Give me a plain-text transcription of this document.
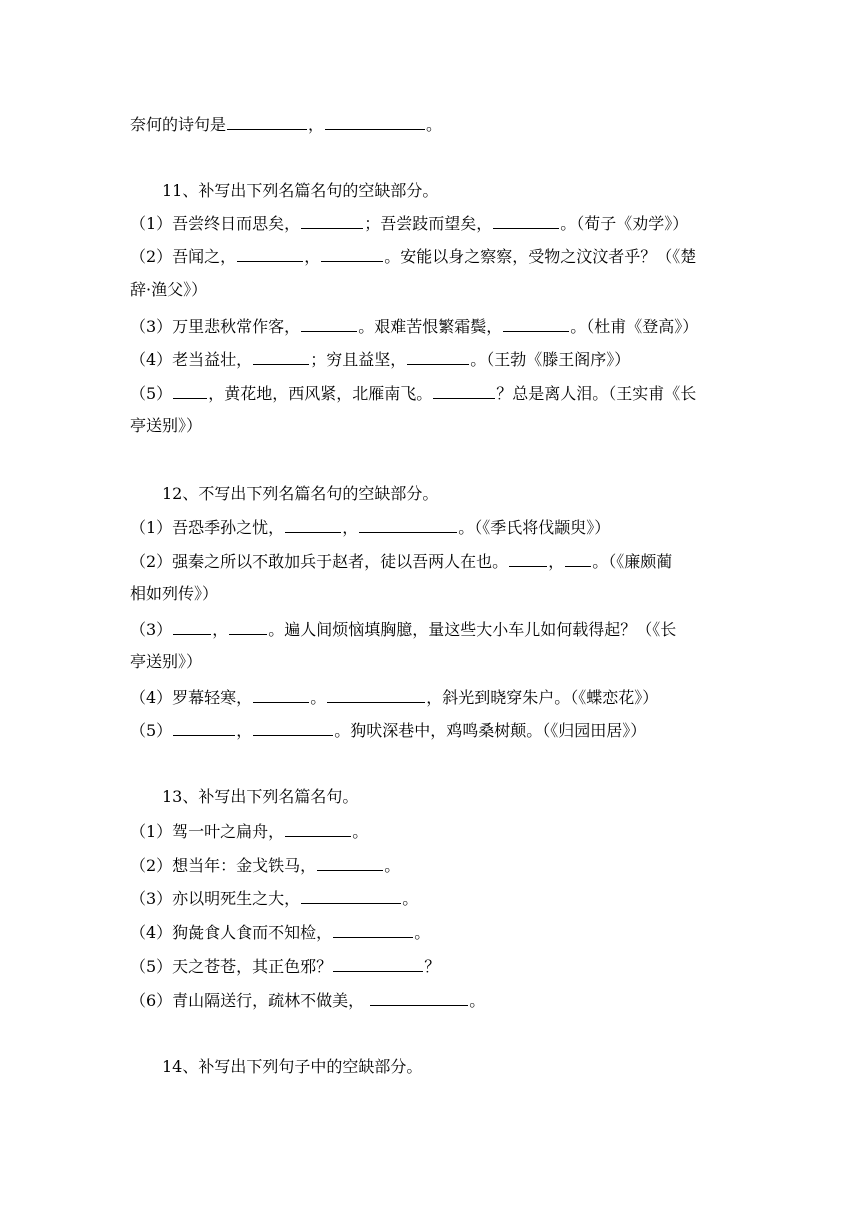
奈何的诗句是	，	。
11、补写出下列名篇名句的空缺部分。
（1）吾尝终日而思矣，	；吾尝跂而望矣，	。（荀子《劝学》）
（2）吾闻之，	，	。安能以身之察察，受物之汶汶者乎？（《楚
辞·渔父》）
（3）万里悲秋常作客，	。艰难苦恨繁霜鬓，	。（杜甫《登高》）
（4）老当益壮，	；穷且益坚，	。（王勃《滕王阁序》）
（5） ，黄花地，西风紧，北雁南飞。	？总是离人泪。（王实甫《长
亭送别》）
12、不写出下列名篇名句的空缺部分。
（1）吾恐季孙之忧，	，	。（《季氏将伐颛臾》）
（2）强秦之所以不敢加兵于赵者，徒以吾两人在也。	， 。（《廉颇蔺
相如列传》）
（3）	，	。遍人间烦恼填胸臆，量这些大小车儿如何载得起？（《长
亭送别》）
（4）罗幕轻寒，	。	，斜光到晓穿朱户。（《蝶恋花》）
（5）	，	。狗吠深巷中，鸡鸣桑树颠。（《归园田居》）
13、补写出下列名篇名句。
（1）驾一叶之扁舟，	。
（2）想当年：金戈铁马，	。
（3）亦以明死生之大，	。
（4）狗彘食人食而不知检，	。
（5）天之苍苍，其正色邪？	？
（6）青山隔送行，疏林不做美，	。
14、补写出下列句子中的空缺部分。
